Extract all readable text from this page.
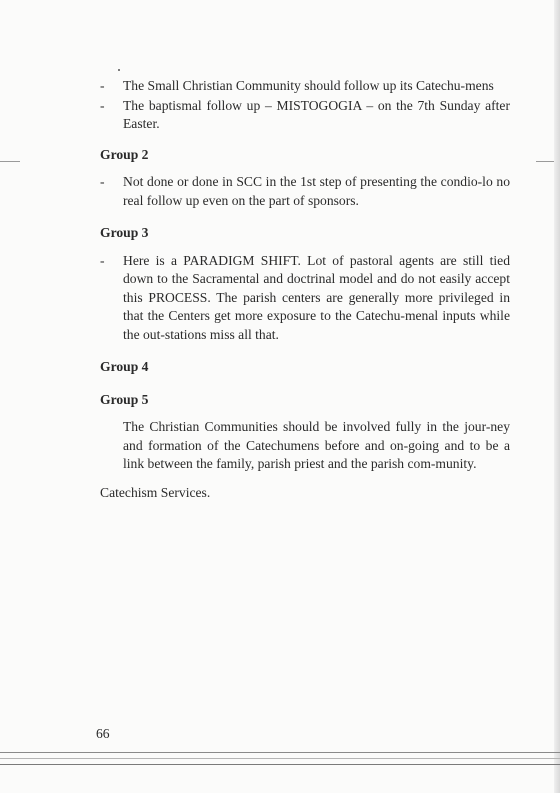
- The Small Christian Community should follow up its Catechu-mens
- The baptismal follow up – MISTOGOGIA – on the 7th Sunday after Easter.
Group 2
- Not done or done in SCC in the 1st step of presenting the condio-lo no real follow up even on the part of sponsors.
Group 3
- Here is a PARADIGM SHIFT. Lot of pastoral agents are still tied down to the Sacramental and doctrinal model and do not easily accept this PROCESS. The parish centers are generally more privileged in that the Centers get more exposure to the Catechu-menal inputs while the out-stations miss all that.
Group 4
Group 5
The Christian Communities should be involved fully in the jour-ney and formation of the Catechumens before and on-going and to be a link between the family, parish priest and the parish com-munity.
Catechism Services.
66
